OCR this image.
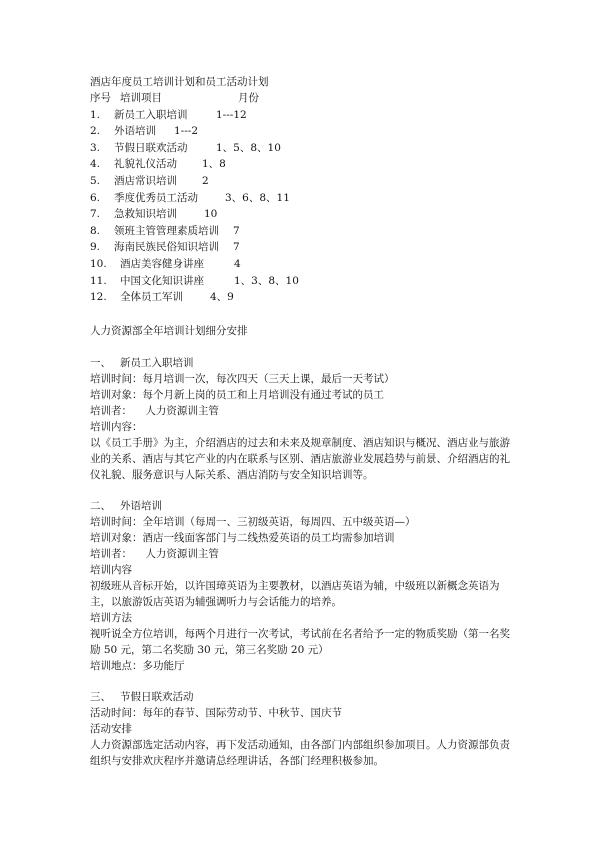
酒店年度员工培训计划和员工活动计划
序号 培训项目	月份
1. 新员工入职培训	1---12
2. 外语培训 1---2
3. 节假日联欢活动	1、5、8、10
4. 礼貌礼仪活动 1、8
5. 酒店常识培训 2
6. 季度优秀员工活动	3、6、8、11
7. 急救知识培训	10
8. 领班主管管理素质培训 7
9. 海南民族民俗知识培训 7
10. 酒店美容健身讲座	4
11. 中国文化知识讲座	1、3、8、10
12. 全体员工军训	4、9
人力资源部全年培训计划细分安排
一、 新员工入职培训

培训时间：每月培训一次，每次四天（三天上课，最后一天考试）

培训对象：每个月新上岗的员工和上月培训没有通过考试的员工

培训者：    人力资源训主管

培训内容：

以《员工手册》为主，介绍酒店的过去和未来及规章制度、酒店知识与概况、酒店业与旅游业的关系、酒店与其它产业的内在联系与区别、酒店旅游业发展趋势与前景、介绍酒店的礼仪礼貌、服务意识与人际关系、酒店消防与安全知识培训等。

二、 外语培训

培训时间：全年培训（每周一、三初级英语，每周四、五中级英语—）

培训对象：酒店一线面客部门与二线热爱英语的员工均需参加培训

培训者：    人力资源训主管

培训内容

初级班从音标开始，以许国璋英语为主要教材，以酒店英语为辅，中级班以新概念英语为主，以旅游饭店英语为辅强调听力与会话能力的培养。

培训方法

视听说全方位培训，每两个月进行一次考试，考试前在名者给予一定的物质奖励（第一名奖励 50 元，第二名奖励 30 元，第三名奖励 20 元）

培训地点：多功能厅

三、 节假日联欢活动

活动时间：每年的春节、国际劳动节、中秋节、国庆节

活动安排

人力资源部选定活动内容，再下发活动通知，由各部门内部组织参加项目。人力资源部负责组织与安排欢庆程序并邀请总经理讲话，各部门经理积极参加。
